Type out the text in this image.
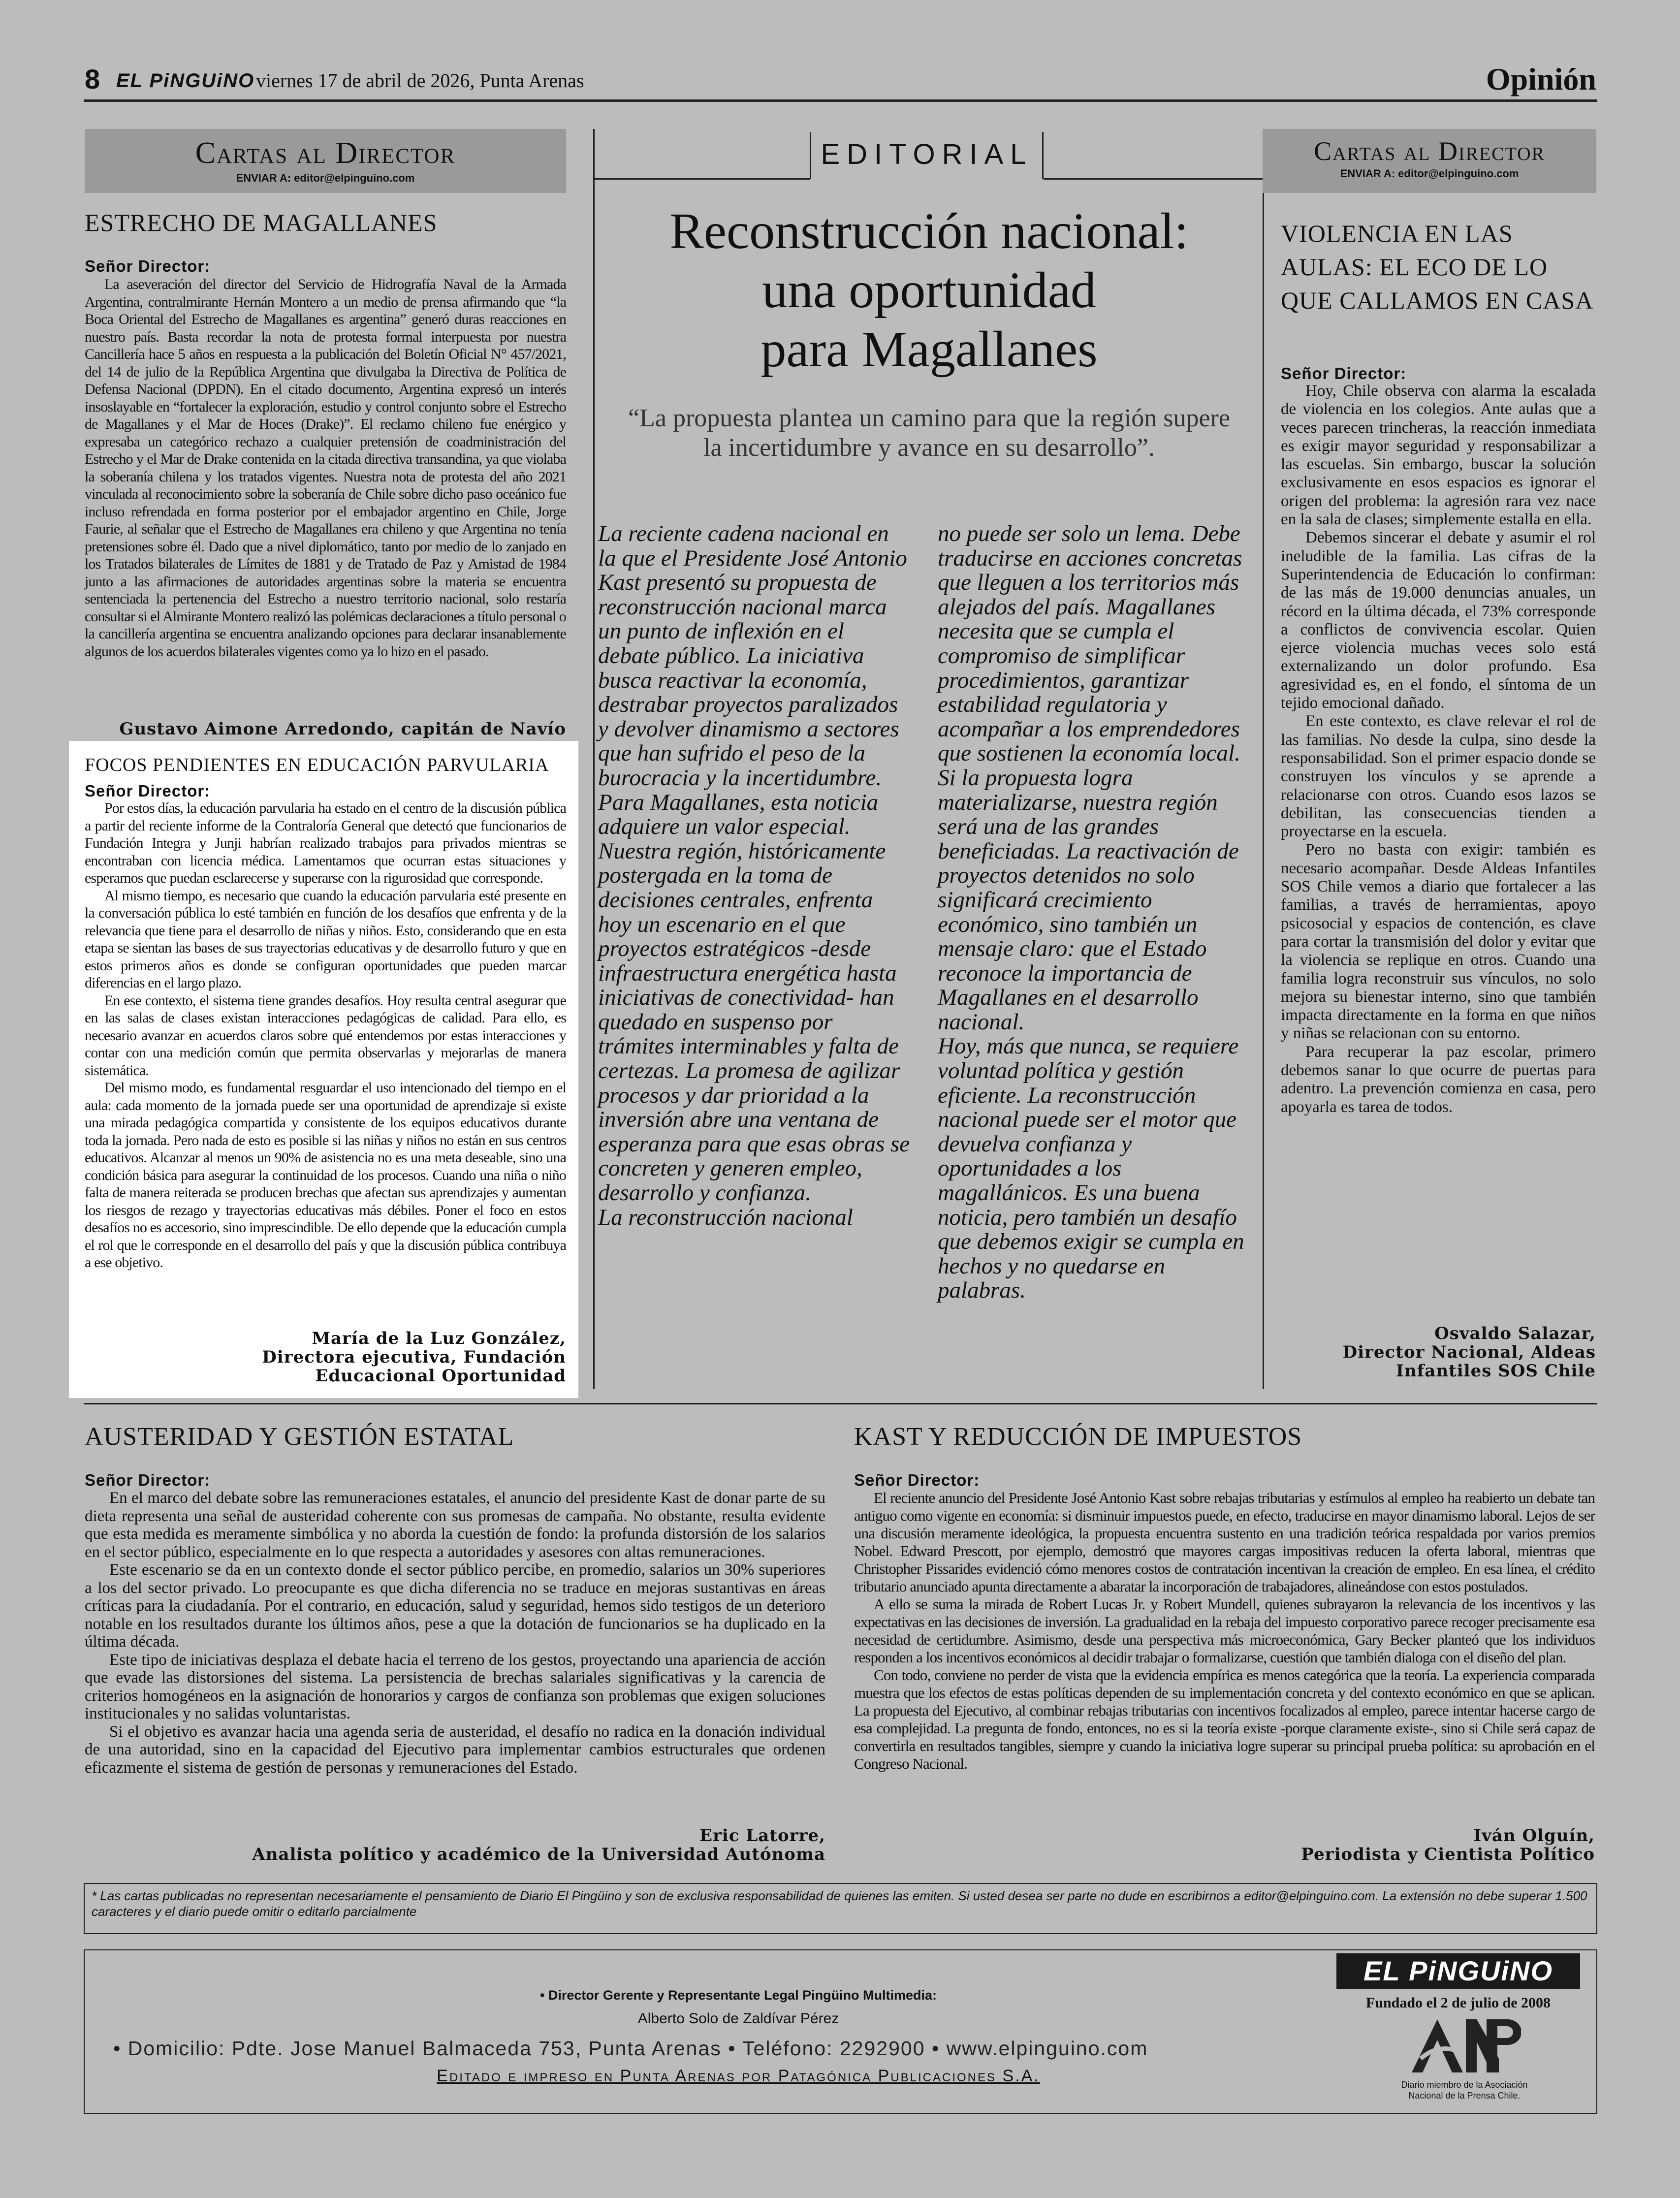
8 EL PiNGUiNO viernes 17 de abril de 2026, Punta Arenas	Opinión
Cartas al Director
ENVIAR A: editor@elpinguino.com
ESTRECHO DE MAGALLANES
Señor Director:

La aseveración del director del Servicio de Hidrografía Naval de la Armada Argentina, contralmirante Hernán Montero a un medio de prensa afirmando que “la Boca Oriental del Estrecho de Magallanes es argentina” generó duras reacciones en nuestro país. Basta recordar la nota de protesta formal interpuesta por nuestra Cancillería hace 5 años en respuesta a la publicación del Boletín Oficial N° 457/2021, del 14 de julio de la República Argentina que divulgaba la Directiva de Política de Defensa Nacional (DPDN). En el citado documento, Argentina expresó un interés insoslayable en “fortalecer la exploración, estudio y control conjunto sobre el Estrecho de Magallanes y el Mar de Hoces (Drake)”. El reclamo chileno fue enérgico y expresaba un categórico rechazo a cualquier pretensión de coadministración del Estrecho y el Mar de Drake contenida en la citada directiva transandina, ya que violaba la soberanía chilena y los tratados vigentes. Nuestra nota de protesta del año 2021 vinculada al reconocimiento sobre la soberanía de Chile sobre dicho paso oceánico fue incluso refrendada en forma posterior por el embajador argentino en Chile, Jorge Faurie, al señalar que el Estrecho de Magallanes era chileno y que Argentina no tenía pretensiones sobre él. Dado que a nivel diplomático, tanto por medio de lo zanjado en los Tratados bilaterales de Límites de 1881 y de Tratado de Paz y Amistad de 1984 junto a las afirmaciones de autoridades argentinas sobre la materia se encuentra sentenciada la pertenencia del Estrecho a nuestro territorio nacional, solo restaría consultar si el Almirante Montero realizó las polémicas declaraciones a título personal o la cancillería argentina se encuentra analizando opciones para declarar insanablemente algunos de los acuerdos bilaterales vigentes como ya lo hizo en el pasado.

Gustavo Aimone Arredondo, capitán de Navío
FOCOS PENDIENTES EN EDUCACIÓN PARVULARIA
Señor Director:

Por estos días, la educación parvularia ha estado en el centro de la discusión pública a partir del reciente informe de la Contraloría General que detectó que funcionarios de Fundación Integra y Junji habrían realizado trabajos para privados mientras se encontraban con licencia médica. Lamentamos que ocurran estas situaciones y esperamos que puedan esclarecerse y superarse con la rigurosidad que corresponde.

Al mismo tiempo, es necesario que cuando la educación parvularia esté presente en la conversación pública lo esté también en función de los desafíos que enfrenta y de la relevancia que tiene para el desarrollo de niñas y niños. Esto, considerando que en esta etapa se sientan las bases de sus trayectorias educativas y de desarrollo futuro y que en estos primeros años es donde se configuran oportunidades que pueden marcar diferencias en el largo plazo.

En ese contexto, el sistema tiene grandes desafíos. Hoy resulta central asegurar que en las salas de clases existan interacciones pedagógicas de calidad. Para ello, es necesario avanzar en acuerdos claros sobre qué entendemos por estas interacciones y contar con una medición común que permita observarlas y mejorarlas de manera sistemática.

Del mismo modo, es fundamental resguardar el uso intencionado del tiempo en el aula: cada momento de la jornada puede ser una oportunidad de aprendizaje si existe una mirada pedagógica compartida y consistente de los equipos educativos durante toda la jornada. Pero nada de esto es posible si las niñas y niños no están en sus centros educativos. Alcanzar al menos un 90% de asistencia no es una meta deseable, sino una condición básica para asegurar la continuidad de los procesos. Cuando una niña o niño falta de manera reiterada se producen brechas que afectan sus aprendizajes y aumentan los riesgos de rezago y trayectorias educativas más débiles. Poner el foco en estos desafíos no es accesorio, sino imprescindible. De ello depende que la educación cumpla el rol que le corresponde en el desarrollo del país y que la discusión pública contribuya a ese objetivo.

María de la Luz González,
Directora ejecutiva, Fundación
Educacional Oportunidad
EDITORIAL
Reconstrucción nacional:
una oportunidad
para Magallanes
“La propuesta plantea un camino para que la región supere la incertidumbre y avance en su desarrollo”.

La reciente cadena nacional en la que el Presidente José Antonio Kast presentó su propuesta de reconstrucción nacional marca un punto de inflexión en el debate público. La iniciativa busca reactivar la economía, destrabar proyectos paralizados y devolver dinamismo a sectores que han sufrido el peso de la burocracia y la incertidumbre.

Para Magallanes, esta noticia adquiere un valor especial. Nuestra región, históricamente postergada en la toma de decisiones centrales, enfrenta hoy un escenario en el que proyectos estratégicos -desde infraestructura energética hasta iniciativas de conectividad- han quedado en suspenso por trámites interminables y falta de certezas. La promesa de agilizar procesos y dar prioridad a la inversión abre una ventana de esperanza para que esas obras se concreten y generen empleo, desarrollo y confianza.

La reconstrucción nacional

no puede ser solo un lema. Debe traducirse en acciones concretas que lleguen a los territorios más alejados del país. Magallanes necesita que se cumpla el compromiso de simplificar procedimientos, garantizar estabilidad regulatoria y acompañar a los emprendedores que sostienen la economía local.

Si la propuesta logra materializarse, nuestra región será una de las grandes beneficiadas. La reactivación de proyectos detenidos no solo significará crecimiento económico, sino también un mensaje claro: que el Estado reconoce la importancia de Magallanes en el desarrollo nacional.

Hoy, más que nunca, se requiere voluntad política y gestión eficiente. La reconstrucción nacional puede ser el motor que devuelva confianza y oportunidades a los magallánicos. Es una buena noticia, pero también un desafío que debemos exigir se cumpla en hechos y no quedarse en palabras.

Cartas al Director
ENVIAR A: editor@elpinguino.com
VIOLENCIA EN LAS AULAS: EL ECO DE LO QUE CALLAMOS EN CASA
Señor Director:

Hoy, Chile observa con alarma la escalada de violencia en los colegios. Ante aulas que a veces parecen trincheras, la reacción inmediata es exigir mayor seguridad y responsabilizar a las escuelas. Sin embargo, buscar la solución exclusivamente en esos espacios es ignorar el origen del problema: la agresión rara vez nace en la sala de clases; simplemente estalla en ella.

Debemos sincerar el debate y asumir el rol ineludible de la familia. Las cifras de la Superintendencia de Educación lo confirman: de las más de 19.000 denuncias anuales, un récord en la última década, el 73% corresponde a conflictos de convivencia escolar. Quien ejerce violencia muchas veces solo está externalizando un dolor profundo. Esa agresividad es, en el fondo, el síntoma de un tejido emocional dañado.

En este contexto, es clave relevar el rol de las familias. No desde la culpa, sino desde la responsabilidad. Son el primer espacio donde se construyen los vínculos y se aprende a relacionarse con otros. Cuando esos lazos se debilitan, las consecuencias tienden a proyectarse en la escuela.

Pero no basta con exigir: también es necesario acompañar. Desde Aldeas Infantiles SOS Chile vemos a diario que fortalecer a las familias, a través de herramientas, apoyo psicosocial y espacios de contención, es clave para cortar la transmisión del dolor y evitar que la violencia se replique en otros. Cuando una familia logra reconstruir sus vínculos, no solo mejora su bienestar interno, sino que también impacta directamente en la forma en que niños y niñas se relacionan con su entorno.

Para recuperar la paz escolar, primero debemos sanar lo que ocurre de puertas para adentro. La prevención comienza en casa, pero apoyarla es tarea de todos.

Osvaldo Salazar,
Director Nacional, Aldeas
Infantiles SOS Chile
AUSTERIDAD Y GESTIÓN ESTATAL
Señor Director:

En el marco del debate sobre las remuneraciones estatales, el anuncio del presidente Kast de donar parte de su dieta representa una señal de austeridad coherente con sus promesas de campaña. No obstante, resulta evidente que esta medida es meramente simbólica y no aborda la cuestión de fondo: la profunda distorsión de los salarios en el sector público, especialmente en lo que respecta a autoridades y asesores con altas remuneraciones.

Este escenario se da en un contexto donde el sector público percibe, en promedio, salarios un 30% superiores a los del sector privado. Lo preocupante es que dicha diferencia no se traduce en mejoras sustantivas en áreas críticas para la ciudadanía. Por el contrario, en educación, salud y seguridad, hemos sido testigos de un deterioro notable en los resultados durante los últimos años, pese a que la dotación de funcionarios se ha duplicado en la última década.

Este tipo de iniciativas desplaza el debate hacia el terreno de los gestos, proyectando una apariencia de acción que evade las distorsiones del sistema. La persistencia de brechas salariales significativas y la carencia de criterios homogéneos en la asignación de honorarios y cargos de confianza son problemas que exigen soluciones institucionales y no salidas voluntaristas.

Si el objetivo es avanzar hacia una agenda seria de austeridad, el desafío no radica en la donación individual de una autoridad, sino en la capacidad del Ejecutivo para implementar cambios estructurales que ordenen eficazmente el sistema de gestión de personas y remuneraciones del Estado.

Eric Latorre,
Analista político y académico de la Universidad Autónoma
KAST Y REDUCCIÓN DE IMPUESTOS
Señor Director:

El reciente anuncio del Presidente José Antonio Kast sobre rebajas tributarias y estímulos al empleo ha reabierto un debate tan antiguo como vigente en economía: si disminuir impuestos puede, en efecto, traducirse en mayor dinamismo laboral. Lejos de ser una discusión meramente ideológica, la propuesta encuentra sustento en una tradición teórica respaldada por varios premios Nobel. Edward Prescott, por ejemplo, demostró que mayores cargas impositivas reducen la oferta laboral, mientras que Christopher Pissarides evidenció cómo menores costos de contratación incentivan la creación de empleo. En esa línea, el crédito tributario anunciado apunta directamente a abaratar la incorporación de trabajadores, alineándose con estos postulados.

A ello se suma la mirada de Robert Lucas Jr. y Robert Mundell, quienes subrayaron la relevancia de los incentivos y las expectativas en las decisiones de inversión. La gradualidad en la rebaja del impuesto corporativo parece recoger precisamente esa necesidad de certidumbre. Asimismo, desde una perspectiva más microeconómica, Gary Becker planteó que los individuos responden a los incentivos económicos al decidir trabajar o formalizarse, cuestión que también dialoga con el diseño del plan.

Con todo, conviene no perder de vista que la evidencia empírica es menos categórica que la teoría. La experiencia comparada muestra que los efectos de estas políticas dependen de su implementación concreta y del contexto económico en que se aplican. La propuesta del Ejecutivo, al combinar rebajas tributarias con incentivos focalizados al empleo, parece intentar hacerse cargo de esa complejidad. La pregunta de fondo, entonces, no es si la teoría existe -porque claramente existe-, sino si Chile será capaz de convertirla en resultados tangibles, siempre y cuando la iniciativa logre superar su principal prueba política: su aprobación en el Congreso Nacional.

Iván Olguín,
Periodista y Cientista Político
* Las cartas publicadas no representan necesariamente el pensamiento de Diario El Pingüino y son de exclusiva responsabilidad de quienes las emiten. Si usted desea ser parte no dude en escribirnos a editor@elpinguino.com. La extensión no debe superar 1.500 caracteres y el diario puede omitir o editarlo parcialmente
• Director Gerente y Representante Legal Pingüino Multimedia:
Alberto Solo de Zaldívar Pérez
• Domicilio: Pdte. Jose Manuel Balmaceda 753, Punta Arenas • Teléfono: 2292900 • www.elpinguino.com
Editado e impreso en Punta Arenas por Patagónica Publicaciones S.A.
EL PiNGUiNO
Fundado el 2 de julio de 2008
Diario miembro de la Asociación
Nacional de la Prensa Chile.
